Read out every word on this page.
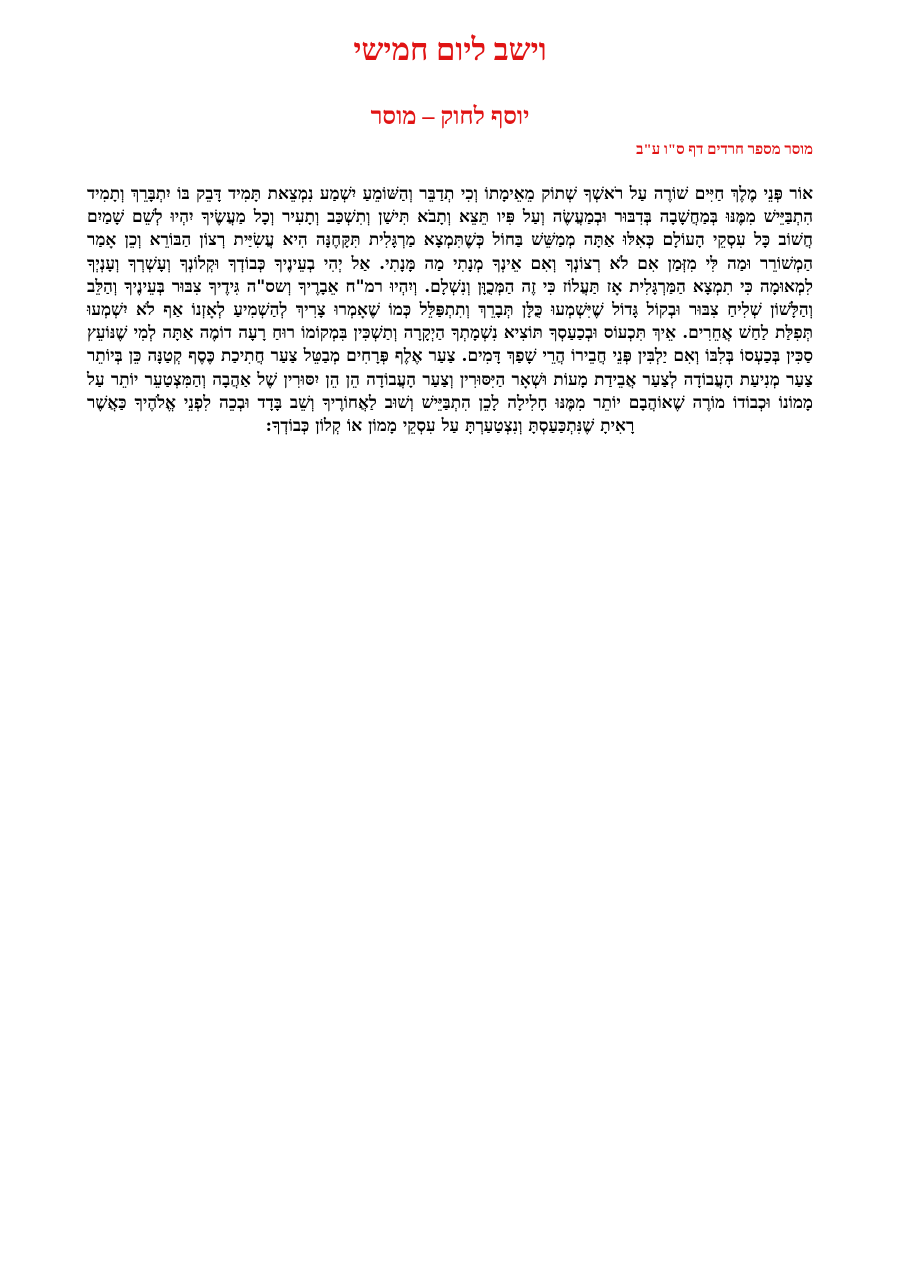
וישב ליום חמישי
יוסף לחוק – מוסר
מוסר מספר חרדים דף ס"ו ע"ב

אוֹר פְּנֵי מֶלֶךְ חַיִּים שׁוֹרֶה עַל רֹאשְׁךָ שְׁתוֹק מֵאֵימָתוֹ וְכִי תְדַבֵּר וְהַשּׁוֹמֵעַ יִשְׁמַע נִמְצֵאת תָּמִיד דָּבֵק בּוֹ יִתְבָּרֵךְ וְתָמִיד הִתְבַּיֵּישׁ מִמֶּנּוּ בְּמַחֲשָׁבָה בְּדִבּוּר וּבְמַעֲשֶׂה וְעַל פִּיו תֵּצֵא וְתָבֹא תִּישַׁן וְתִשְׁכַּב וְתָעִיר וְכָל מַעֲשֶׂיךָ יִהְיוּ לְשֵׁם שָׁמַיִם חֲשׁוֹב כָּל עִסְקֵי הָעוֹלָם כְּאִלּוּ אַתָּה מְמַשֵּׁשׁ בַּחוֹל כְּשֶׁתִּמְצָא מַרְגָּלִית תִּקָּחֶנָּה הִיא עֲשִׂיַּית רְצוֹן הַבּוֹרֵא וְכֵן אָמַר הַמְשׁוֹרֵר וּמַה לִּי מִזְּמַן אִם לֹא רְצוֹנְךָ וְאִם אֵינְךָ מְנָתִי מַה מָּנָתִי. אַל יְהִי בְעֵינֶיךָ כְּבוֹדְךָ וּקְלוֹנְךָ וְעָשְׁרְךָ וְעָנְיְךָ לִמְאוּמָה כִּי תִמְצָא הַמַּרְגָּלִית אָז תַּעֲלוֹז כִּי זֶה הַמְּכֻוָּן וְנִשְׁלָם. וְיִהְיוּ רמ"ח אֵבָרֶיךָ וְשס"ה גִּידֶיךָ צִבּוּר בְּעֵינֶיךָ וְהַלֵּב וְהַלָּשׁוֹן שְׁלִיחַ צִבּוּר וּבְקוֹל גָּדוֹל שֶׁיִּשְׁמְעוּ כֻּלָּן תְּבָרֵךְ וְתִתְפַּלֵּל כְּמוֹ שֶׁאָמְרוּ צָרִיךְ לְהַשְׁמִיעַ לְאָזְנוֹ אַף לֹא יִשְׁמְעוּ תְּפִלַּת לַחַשׁ אֲחֵרִים. אֵיךְ תִּכְעוֹס וּבְכַעַסְךָ תּוֹצִיא נִשְׁמָתְךָ הַיְקָרָה וְתַשְׁכִּין בִּמְקוֹמוֹ רוּחַ רָעָה דוֹמֶה אַתָּה לְמִי שֶׁנּוֹעֵץ סַכִּין בְּכַעְסוֹ בְּלִבּוֹ וְאִם יַלְבִּין פְּנֵי חֲבֵירוֹ הֲרֵי שָׁפַךְ דָּמִים. צַעַר אֶלֶף פְּרָחִים מְבַטֵּל צַעַר חֲתִיכַת כֶּסֶף קְטַנָּה כֵּן בְּיוֹתֵר צַעַר מְנִיעַת הָעֲבוֹדָה לְצַעַר אֲבֵידַת מָעוֹת וּשְׁאָר הַיִּסּוּרִין וְצַעַר הָעֲבוֹדָה הֵן הֵן יִסּוּרִין שֶׁל אַהֲבָה וְהַמִּצְטַעֵר יוֹתֵר עַל מָמוֹנוֹ וּכְבוֹדוֹ מוֹרֶה שֶׁאוֹהֲבָם יוֹתֵר מִמֶּנּוּ חָלִילָה לָכֵן הִתְבַּיֵּישׁ וְשׁוּב לַאֲחוֹרֶיךָ וְשֵׁב בָּדָד וּבְכֵה לִפְנֵי אֱלֹהֶיךָ כַּאֲשֶׁר רָאִיתָ שֶׁנִּתְכַּעַסְתָּ וְנִצְטַעַרְתָּ עַל עִסְקֵי מָמוֹן אוֹ קְלוֹן כְּבוֹדְךָ:
